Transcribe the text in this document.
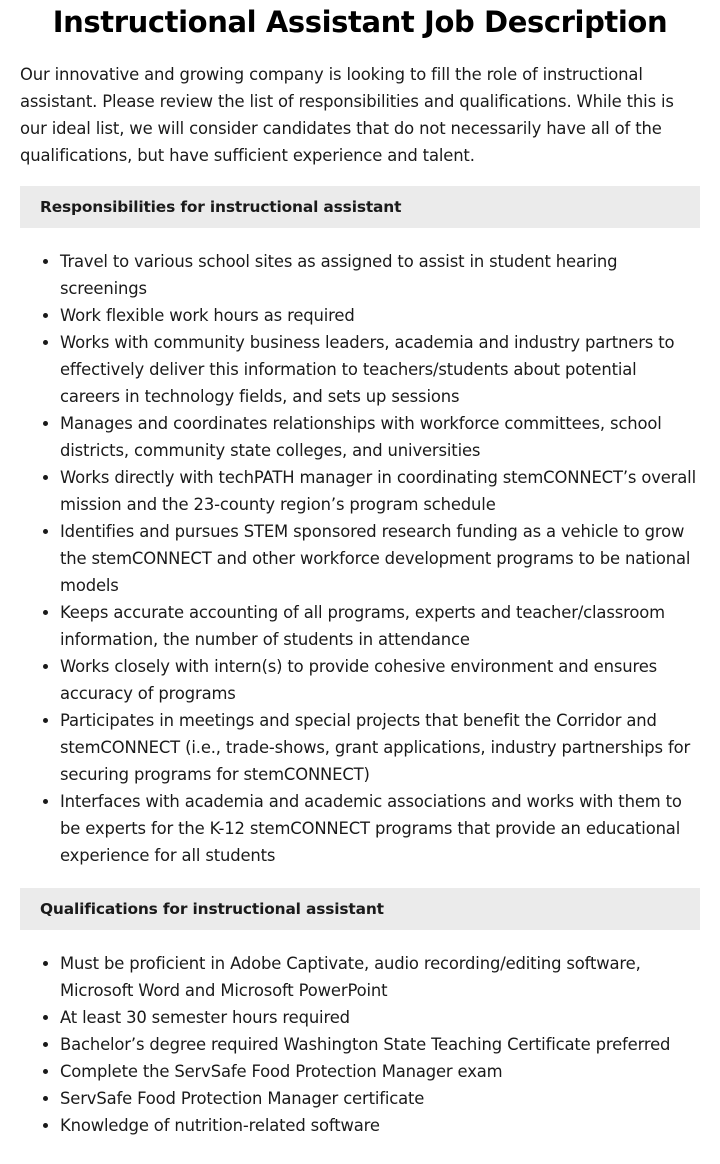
Instructional Assistant Job Description

Our innovative and growing company is looking to fill the role of instructional assistant. Please review the list of responsibilities and qualifications. While this is our ideal list, we will consider candidates that do not necessarily have all of the qualifications, but have sufficient experience and talent.

Responsibilities for instructional assistant
• Travel to various school sites as assigned to assist in student hearing screenings
• Work flexible work hours as required
• Works with community business leaders, academia and industry partners to effectively deliver this information to teachers/students about potential careers in technology fields, and sets up sessions
• Manages and coordinates relationships with workforce committees, school districts, community state colleges, and universities
• Works directly with techPATH manager in coordinating stemCONNECT’s overall mission and the 23-county region’s program schedule
• Identifies and pursues STEM sponsored research funding as a vehicle to grow the stemCONNECT and other workforce development programs to be national models
• Keeps accurate accounting of all programs, experts and teacher/classroom information, the number of students in attendance
• Works closely with intern(s) to provide cohesive environment and ensures accuracy of programs
• Participates in meetings and special projects that benefit the Corridor and stemCONNECT (i.e., trade-shows, grant applications, industry partnerships for securing programs for stemCONNECT)
• Interfaces with academia and academic associations and works with them to be experts for the K-12 stemCONNECT programs that provide an educational experience for all students
Qualifications for instructional assistant
• Must be proficient in Adobe Captivate, audio recording/editing software, Microsoft Word and Microsoft PowerPoint
• At least 30 semester hours required
• Bachelor’s degree required Washington State Teaching Certificate preferred
• Complete the ServSafe Food Protection Manager exam
• ServSafe Food Protection Manager certificate
• Knowledge of nutrition-related software
